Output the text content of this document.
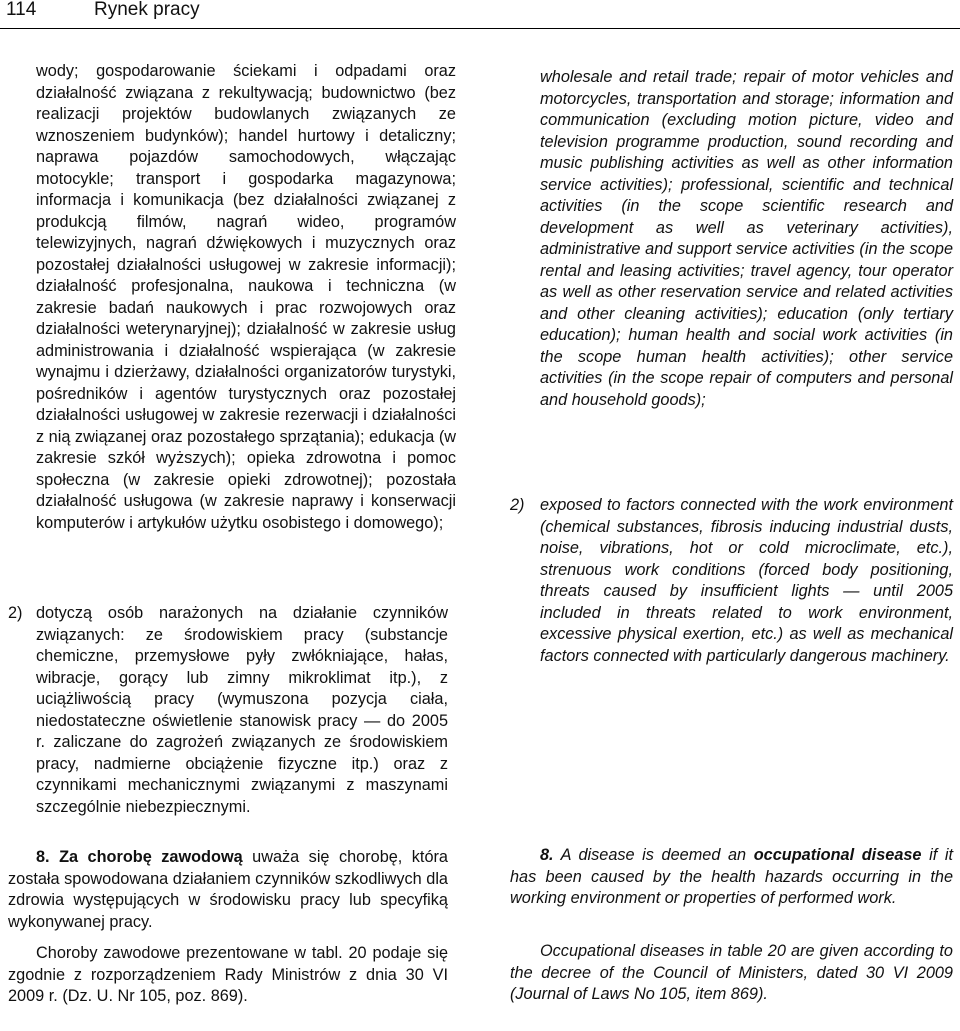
114	Rynek pracy

wody; gospodarowanie ściekami i odpadami oraz działalność związana z rekultywacją; budownictwo (bez realizacji projektów budowlanych związanych ze wznoszeniem budynków); handel hurtowy i detaliczny; naprawa pojazdów samochodowych, włączając motocykle; transport i gospodarka magazynowa; informacja i komunikacja (bez działalności związanej z produkcją filmów, nagrań wideo, programów telewizyjnych, nagrań dźwiękowych i muzycznych oraz pozostałej działalności usługowej w zakresie informacji); działalność profesjonalna, naukowa i techniczna (w zakresie badań naukowych i prac rozwojowych oraz działalności weterynaryjnej); działalność w zakresie usług administrowania i działalność wspierająca (w zakresie wynajmu i dzierżawy, działalności organizatorów turystyki, pośredników i agentów turystycznych oraz pozostałej działalności usługowej w zakresie rezerwacji i działalności z nią związanej oraz pozostałego sprzątania); edukacja (w zakresie szkół wyższych); opieka zdrowotna i pomoc społeczna (w zakresie opieki zdrowotnej); pozostała działalność usługowa (w zakresie naprawy i konserwacji komputerów i artykułów użytku osobistego i domowego);

2) dotyczą osób narażonych na działanie czynników związanych: ze środowiskiem pracy (substancje chemiczne, przemysłowe pyły zwłókniające, hałas, wibracje, gorący lub zimny mikroklimat itp.), z uciążliwością pracy (wymuszona pozycja ciała, niedostateczne oświetlenie stanowisk pracy — do 2005 r. zaliczane do zagrożeń związanych ze środowiskiem pracy, nadmierne obciążenie fizyczne itp.) oraz z czynnikami mechanicznymi związanymi z maszynami szczególnie niebezpiecznymi.

8. Za chorobę zawodową uważa się chorobę, która została spowodowana działaniem czynników szkodliwych dla zdrowia występujących w środowisku pracy lub specyfiką wykonywanej pracy.

Choroby zawodowe prezentowane w tabl. 20 podaje się zgodnie z rozporządzeniem Rady Ministrów z dnia 30 VI 2009 r. (Dz. U. Nr 105, poz. 869).

wholesale and retail trade; repair of motor vehicles and motorcycles, transportation and storage; information and communication (excluding motion picture, video and television programme production, sound recording and music publishing activities as well as other information service activities); professional, scientific and technical activities (in the scope scientific research and development as well as veterinary activities), administrative and support service activities (in the scope rental and leasing activities; travel agency, tour operator as well as other reservation service and related activities and other cleaning activities); education (only tertiary education); human health and social work activities (in the scope human health activities); other service activities (in the scope repair of computers and personal and household goods);

2) exposed to factors connected with the work environment (chemical substances, fibrosis inducing industrial dusts, noise, vibrations, hot or cold microclimate, etc.), strenuous work conditions (forced body positioning, threats caused by insufficient lights — until 2005 included in threats related to work environment, excessive physical exertion, etc.) as well as mechanical factors connected with particularly dangerous machinery.

8. A disease is deemed an occupational disease if it has been caused by the health hazards occurring in the working environment or properties of performed work.

Occupational diseases in table 20 are given according to the decree of the Council of Ministers, dated 30 VI 2009 (Journal of Laws No 105, item 869).
